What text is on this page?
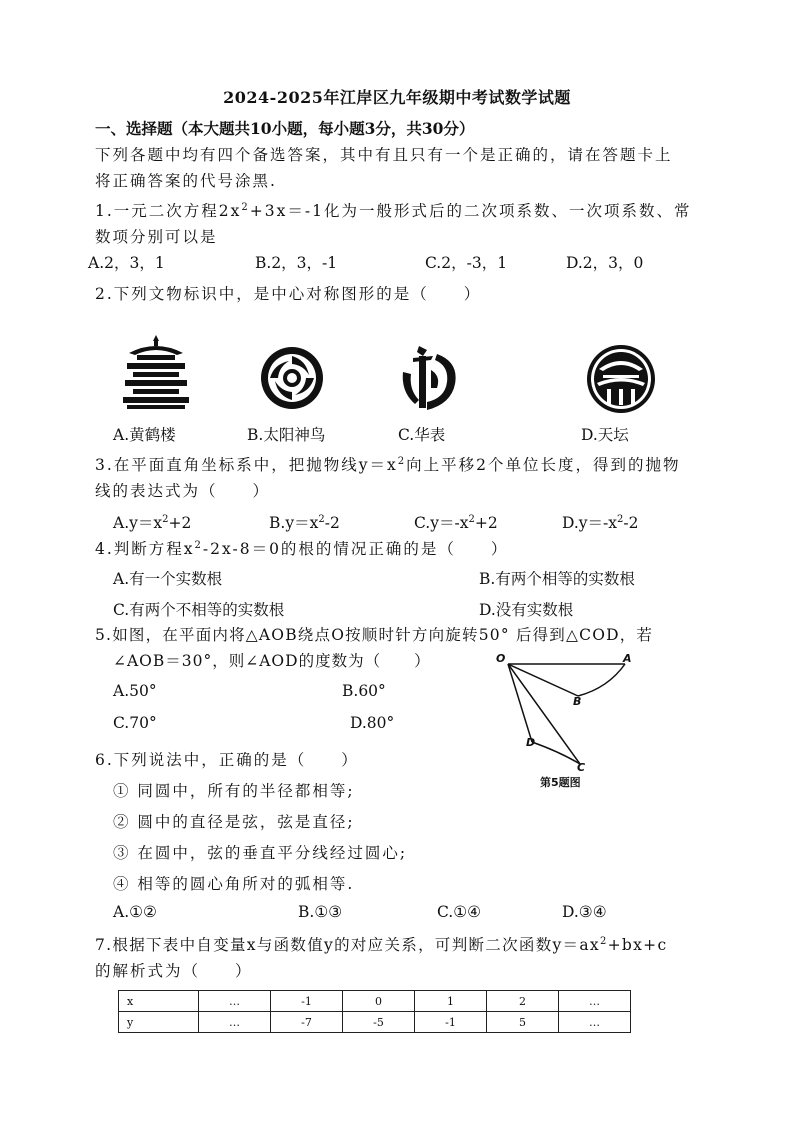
2024-2025年江岸区九年级期中考试数学试题
一、选择题（本大题共10小题，每小题3分，共30分）
下列各题中均有四个备选答案，其中有且只有一个是正确的，请在答题卡上
将正确答案的代号涂黑.
1.一元二次方程$2x^2+3x=-1$化为一般形式后的二次项系数、一次项系数、常
数项分别可以是
A.2，3，1	B.2，3，-1	C.2，-3，1	D.2，3，0
2.下列文物标识中，是中心对称图形的是（　　）
A.黄鹤楼	B.太阳神鸟	C.华表	D.天坛
3.在平面直角坐标系中，把抛物线$y=x^2$向上平移2个单位长度，得到的抛物
线的表达式为（　　）
$A.y=x^2+2$	$B.y=x^2-2$	$C.y=-x^2+2$	$D.y=-x^2-2$
4.判断方程$x^2-2x-8=0$的根的情况正确的是（　　）
A.有一个实数根	B.有两个相等的实数根
C.有两个不相等的实数根	D.没有实数根
5.如图，在平面内将△AOB绕点O按顺时针方向旋转50° 后得到△COD，若
∠AOB＝30°，则∠AOD的度数为（　　）
A.50°	B.60°
C.70°	D.80°
O	A
B
D
C
第5题图
6.下列说法中，正确的是（　　）
① 同圆中，所有的半径都相等;
② 圆中的直径是弦，弦是直径;
③ 在圆中，弦的垂直平分线经过圆心;
④ 相等的圆心角所对的弧相等.
A.①②	B.①③	C.①④	D.③④
7.根据下表中自变量x与函数值y的对应关系，可判断二次函数$y=ax^2+bx+c$
的解析式为（　　）
x	…	-1	0	1	2	…
y	…	-7	-5	-1	5	…
